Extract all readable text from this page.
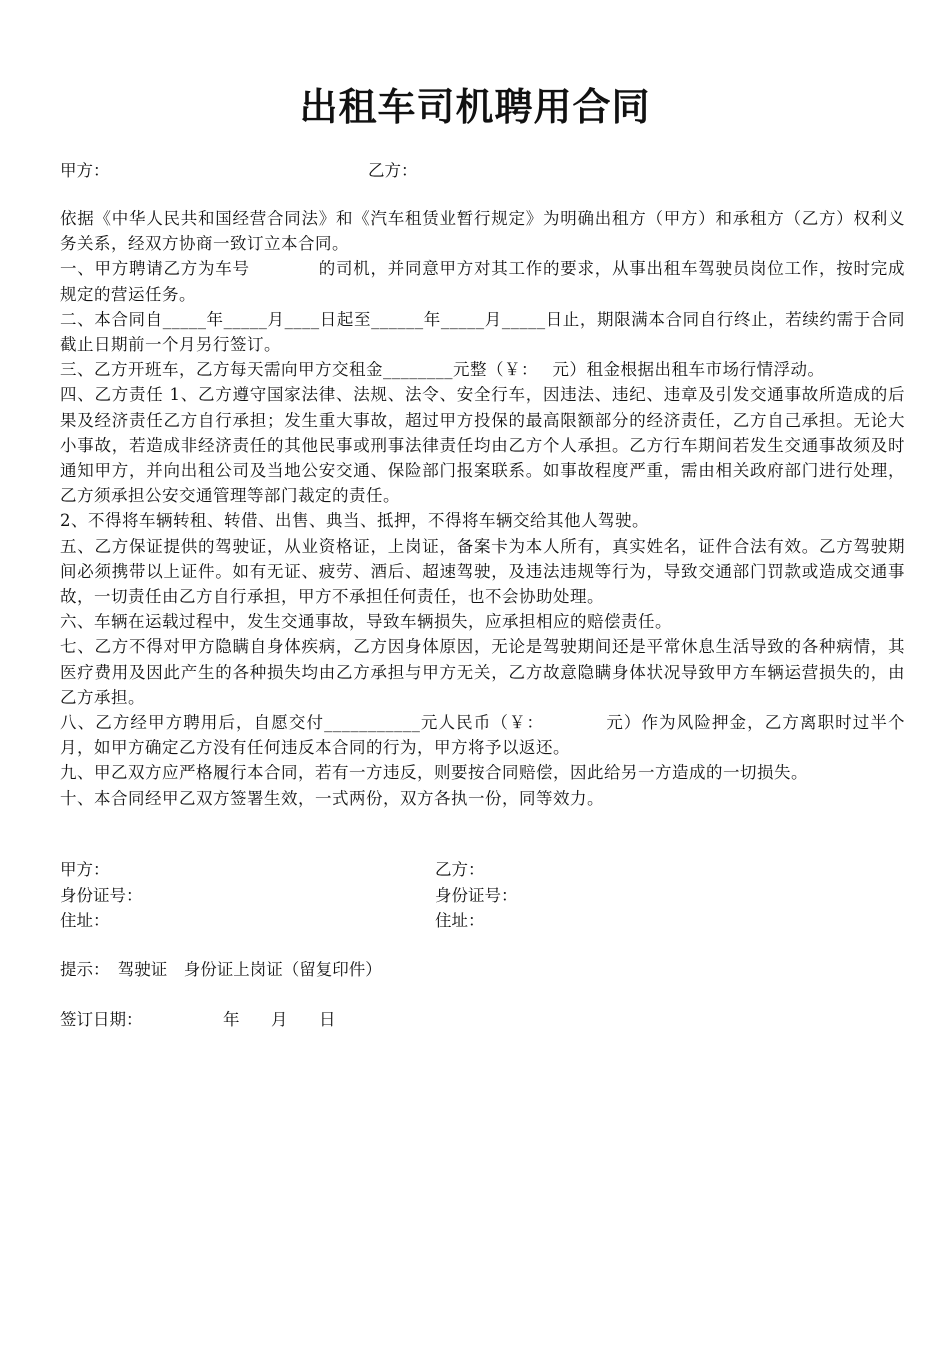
出租车司机聘用合同
甲方：	乙方：

依据《中华人民共和国经营合同法》和《汽车租赁业暂行规定》为明确出租方（甲方）和承租方（乙方）权利义务关系，经双方协商一致订立本合同。

一、甲方聘请乙方为车号　　　　的司机，并同意甲方对其工作的要求，从事出租车驾驶员岗位工作，按时完成规定的营运任务。

二、本合同自_____年_____月____日起至______年_____月_____日止，期限满本合同自行终止，若续约需于合同截止日期前一个月另行签订。

三、乙方开班车，乙方每天需向甲方交租金________元整（￥：　 元）租金根据出租车市场行情浮动。

四、乙方责任 1、乙方遵守国家法律、法规、法令、安全行车，因违法、违纪、违章及引发交通事故所造成的后果及经济责任乙方自行承担；发生重大事故，超过甲方投保的最高限额部分的经济责任，乙方自己承担。无论大小事故，若造成非经济责任的其他民事或刑事法律责任均由乙方个人承担。乙方行车期间若发生交通事故须及时通知甲方，并向出租公司及当地公安交通、保险部门报案联系。如事故程度严重，需由相关政府部门进行处理，乙方须承担公安交通管理等部门裁定的责任。

2、不得将车辆转租、转借、出售、典当、抵押，不得将车辆交给其他人驾驶。

五、乙方保证提供的驾驶证，从业资格证，上岗证，备案卡为本人所有，真实姓名，证件合法有效。乙方驾驶期间必须携带以上证件。如有无证、疲劳、酒后、超速驾驶，及违法违规等行为，导致交通部门罚款或造成交通事故，一切责任由乙方自行承担，甲方不承担任何责任，也不会协助处理。

六、车辆在运载过程中，发生交通事故，导致车辆损失，应承担相应的赔偿责任。

七、乙方不得对甲方隐瞒自身体疾病，乙方因身体原因，无论是驾驶期间还是平常休息生活导致的各种病情，其医疗费用及因此产生的各种损失均由乙方承担与甲方无关，乙方故意隐瞒身体状况导致甲方车辆运营损失的，由乙方承担。

八、乙方经甲方聘用后，自愿交付___________元人民币（￥：　　　　元）作为风险押金，乙方离职时过半个月，如甲方确定乙方没有任何违反本合同的行为，甲方将予以返还。

九、甲乙双方应严格履行本合同，若有一方违反，则要按合同赔偿，因此给另一方造成的一切损失。

十、本合同经甲乙双方签署生效，一式两份，双方各执一份，同等效力。

甲方：
身份证号：
住址：
乙方：
身份证号：
住址：
提示：　驾驶证　身份证上岗证（留复印件）
签订日期：	年 月 日
